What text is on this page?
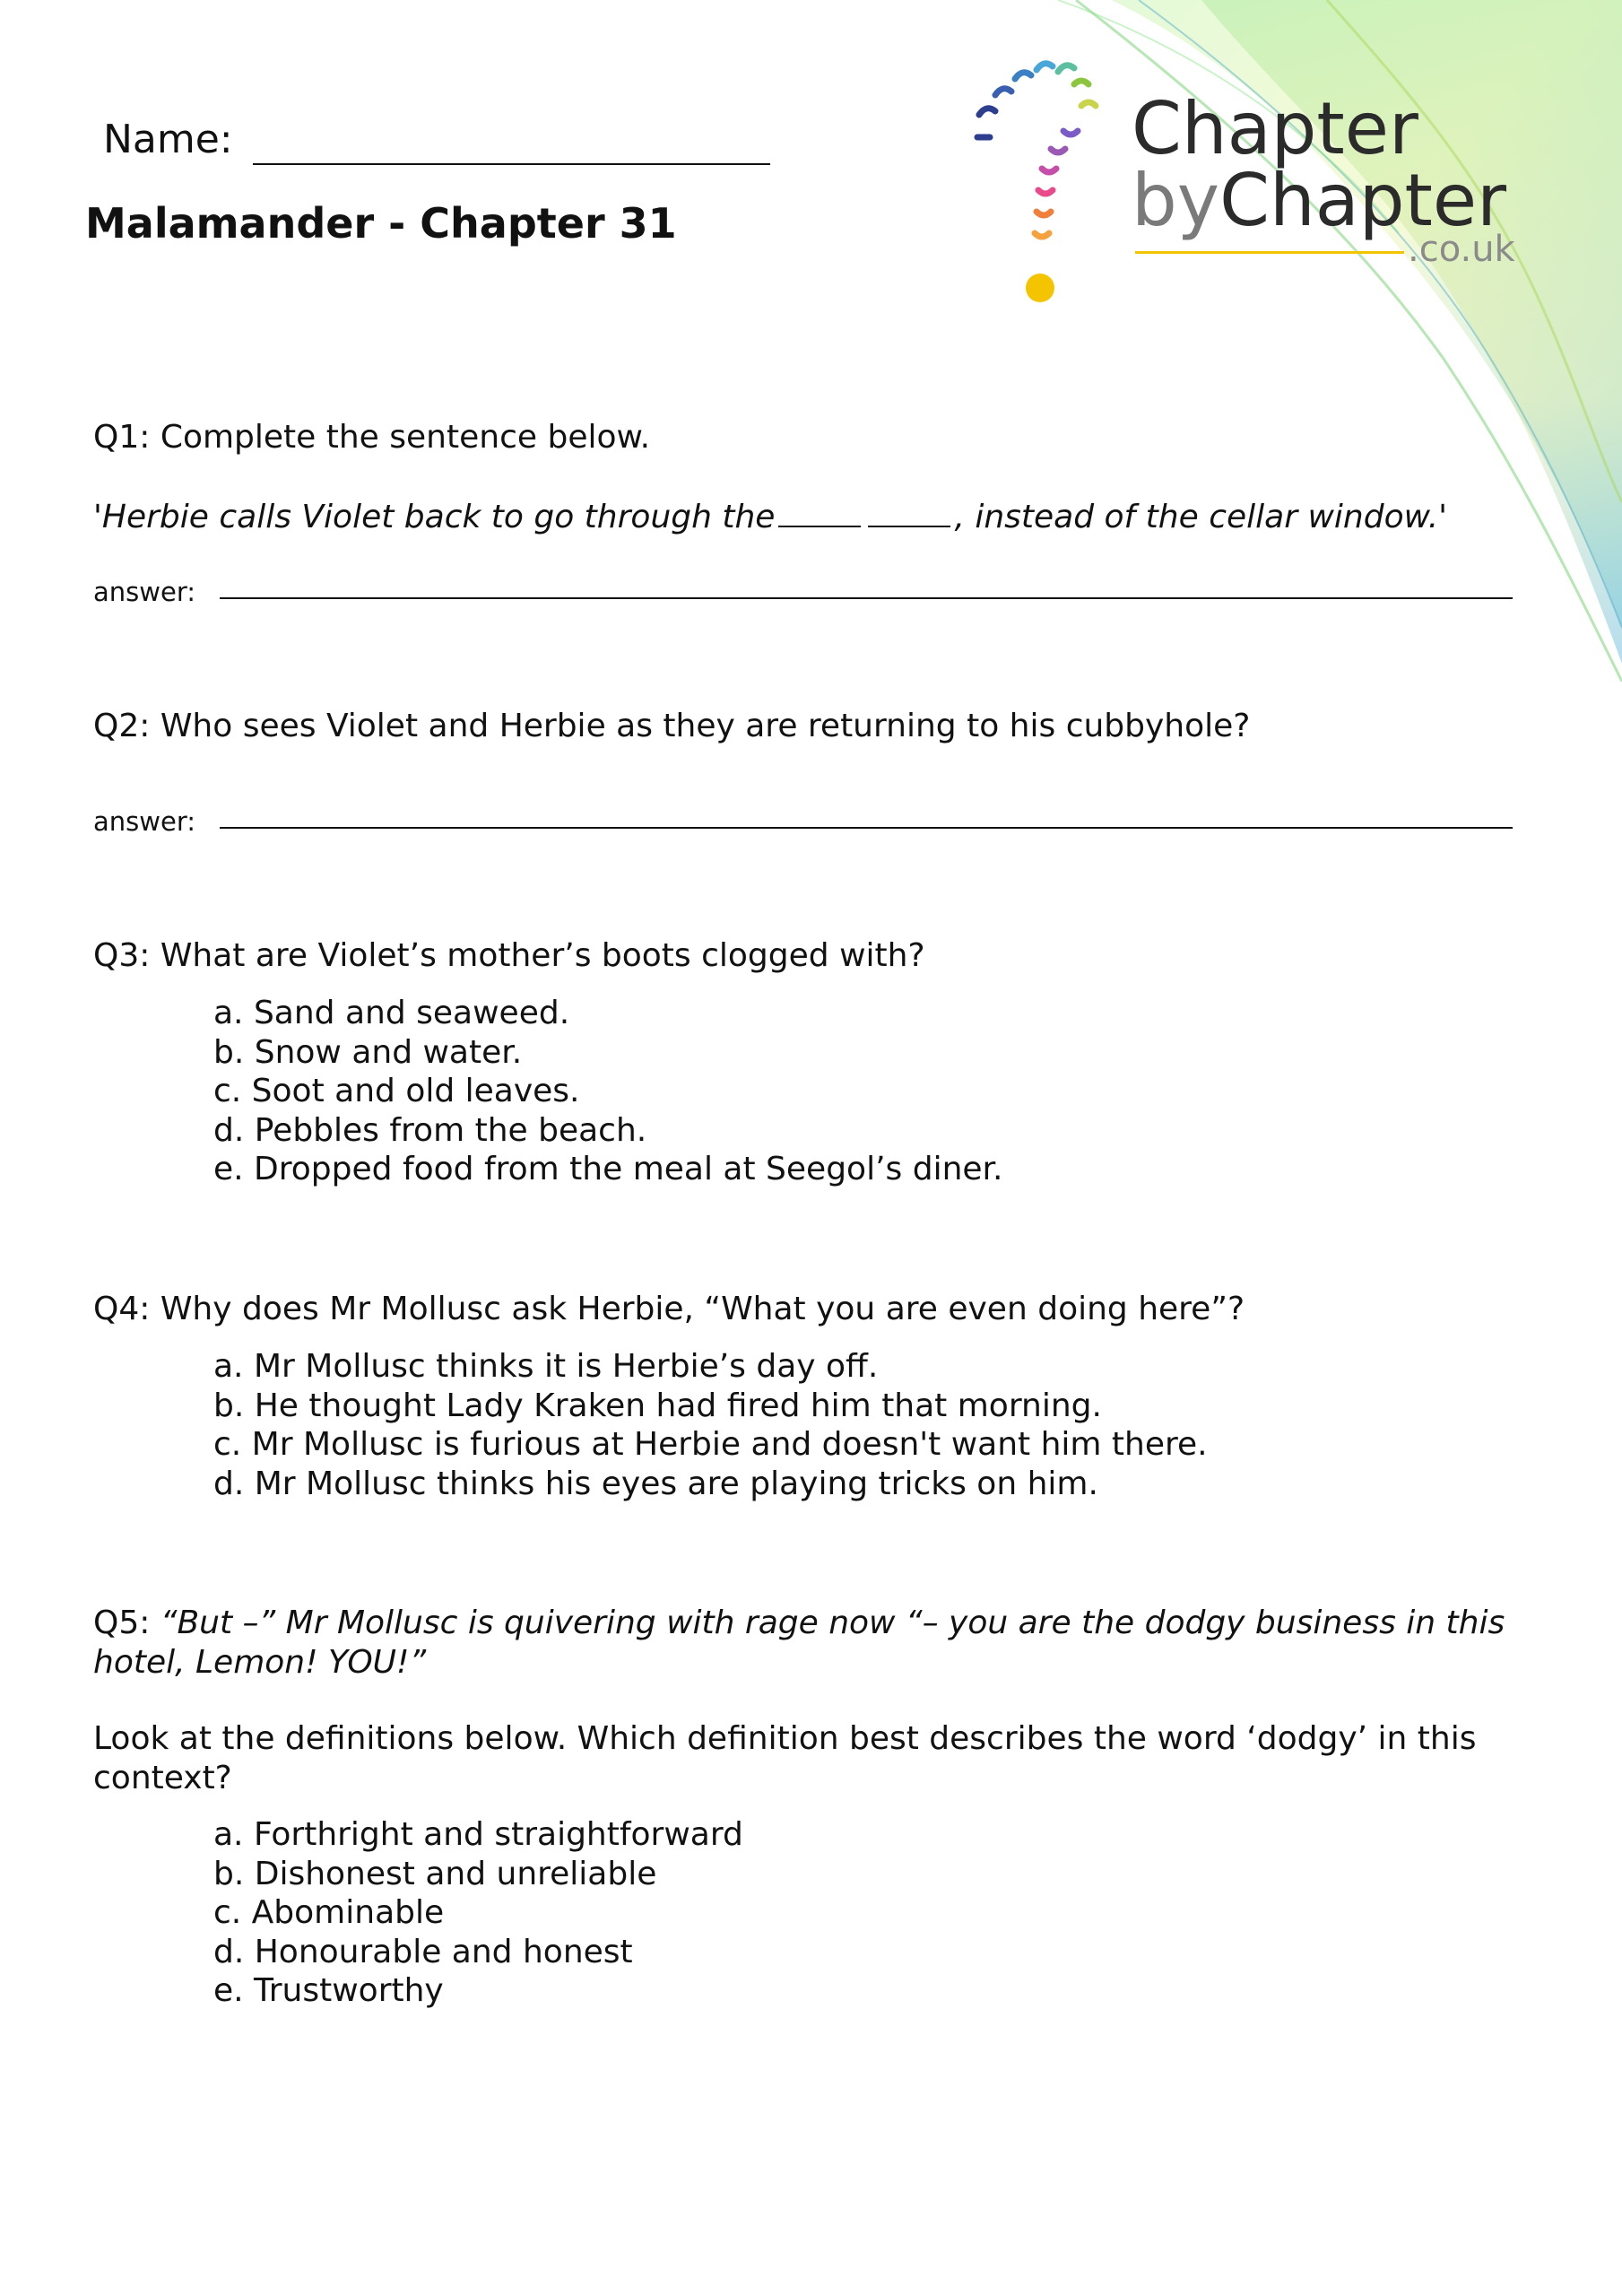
Chapter
byChapter
.co.uk
Name:
Malamander - Chapter 31
Q1: Complete the sentence below.
'Herbie calls Violet back to go through the	, instead of the cellar window.'
answer:
Q2: Who sees Violet and Herbie as they are returning to his cubbyhole?
answer:
Q3: What are Violet’s mother’s boots clogged with?
a. Sand and seaweed.
b. Snow and water.
c. Soot and old leaves.
d. Pebbles from the beach.
e. Dropped food from the meal at Seegol’s diner.
Q4: Why does Mr Mollusc ask Herbie, “What you are even doing here”?
a. Mr Mollusc thinks it is Herbie’s day off.
b. He thought Lady Kraken had fired him that morning.
c. Mr Mollusc is furious at Herbie and doesn't want him there.
d. Mr Mollusc thinks his eyes are playing tricks on him.
Q5: “But –” Mr Mollusc is quivering with rage now “– you are the dodgy business in this
hotel, Lemon! YOU!”
Look at the definitions below. Which definition best describes the word ‘dodgy’ in this
context?
a. Forthright and straightforward
b. Dishonest and unreliable
c. Abominable
d. Honourable and honest
e. Trustworthy
